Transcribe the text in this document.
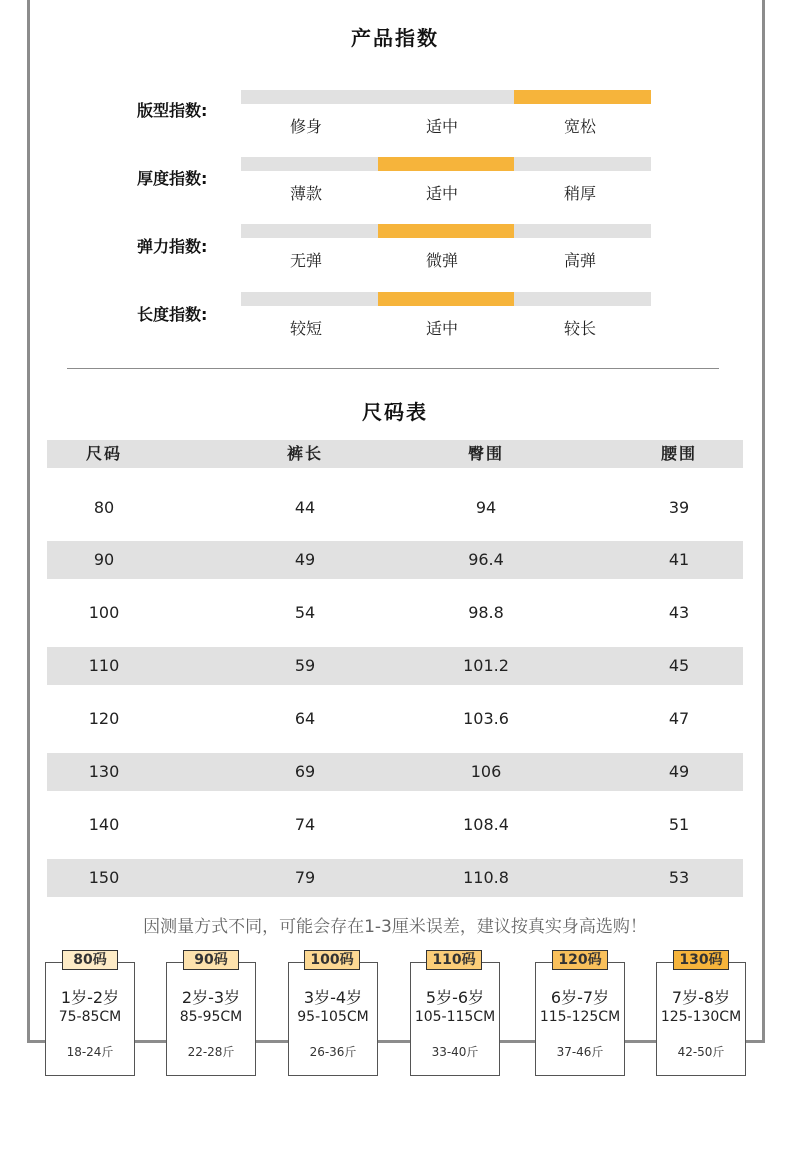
产品指数
版型指数:
修身	适中	宽松
厚度指数:
薄款	适中	稍厚
弹力指数:
无弹	微弹	高弹
长度指数:
较短	适中	较长
尺码表
尺码	裤长	臀围	腰围
80	44	94	39
90	49	96.4	41
100	54	98.8	43
110	59	101.2	45
120	64	103.6	47
130	69	106	49
140	74	108.4	51
150	79	110.8	53
因测量方式不同，可能会存在1-3厘米误差，建议按真实身高选购！
1岁-2岁
75-85CM
18-24斤
80码
2岁-3岁
85-95CM
22-28斤
90码
3岁-4岁
95-105CM
26-36斤
100码
5岁-6岁
105-115CM
33-40斤
110码
6岁-7岁
115-125CM
37-46斤
120码
7岁-8岁
125-130CM
42-50斤
130码
